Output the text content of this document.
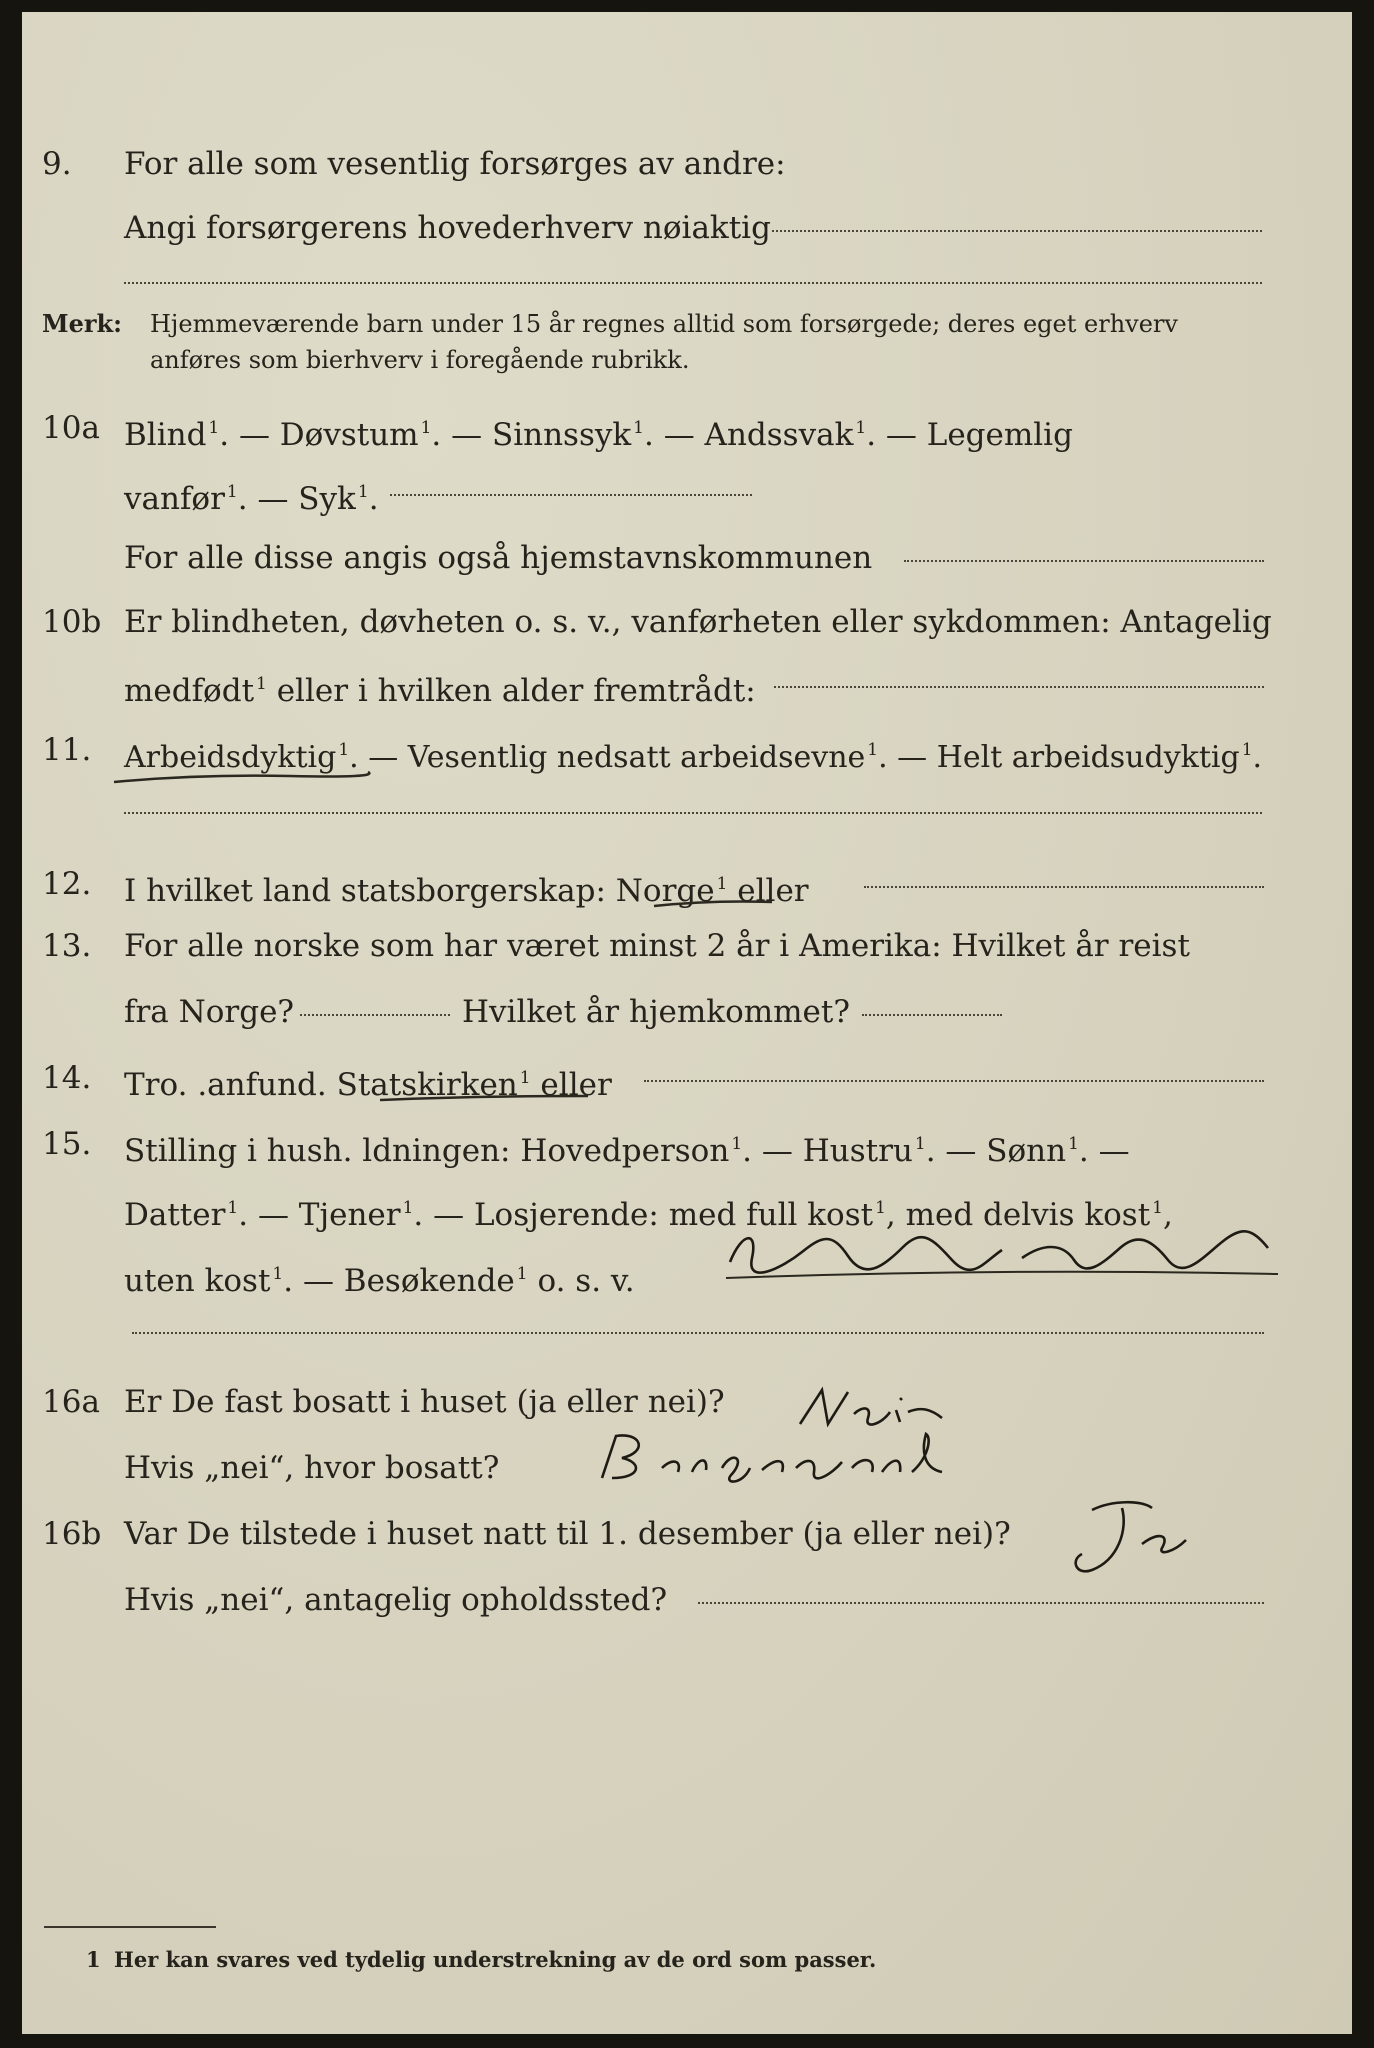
9. For alle som vesentlig forsørges av andre:
Angi forsørgerens hovederhverv nøiaktig
Merk: Hjemmeværende barn under 15 år regnes alltid som forsørgede; deres eget erhverv
anføres som bierhverv i foregående rubrikk.
10a Blind $^1$. — Døvstum $^1$. — Sinnssyk $^1$. — Andssvak $^1$. — Legemlig
vanfør $^1$. — Syk $^1$.
For alle disse angis også hjemstavnskommunen
10b Er blindheten, døvheten o. s. v., vanførheten eller sykdommen: Antagelig
medfødt $^1$ eller i hvilken alder fremtrådt:
11. Arbeidsdyktig $^1$. — Vesentlig nedsatt arbeidsevne $^1$. — Helt arbeidsudyktig $^1$.
12. I hvilket land statsborgerskap: Norge $^1$ eller
13. For alle norske som har været minst 2 år i Amerika: Hvilket år reist
fra Norge?	Hvilket år hjemkommet?
14. Tro. .anfund. Statskirken $^1$ eller
15. Stilling i hush. ldningen: Hovedperson $^1$. — Hustru $^1$. — Sønn $^1$. —
Datter $^1$. — Tjener $^1$. — Losjerende: med full kost $^1$, med delvis kost $^1$,
uten kost $^1$. — Besøkende $^1$ o. s. v.
16a Er De fast bosatt i huset (ja eller nei)?
Hvis „nei“, hvor bosatt?
16b Var De tilstede i huset natt til 1. desember (ja eller nei)?
Hvis „nei“, antagelig opholdssted?
1 Her kan svares ved tydelig understrekning av de ord som passer.
